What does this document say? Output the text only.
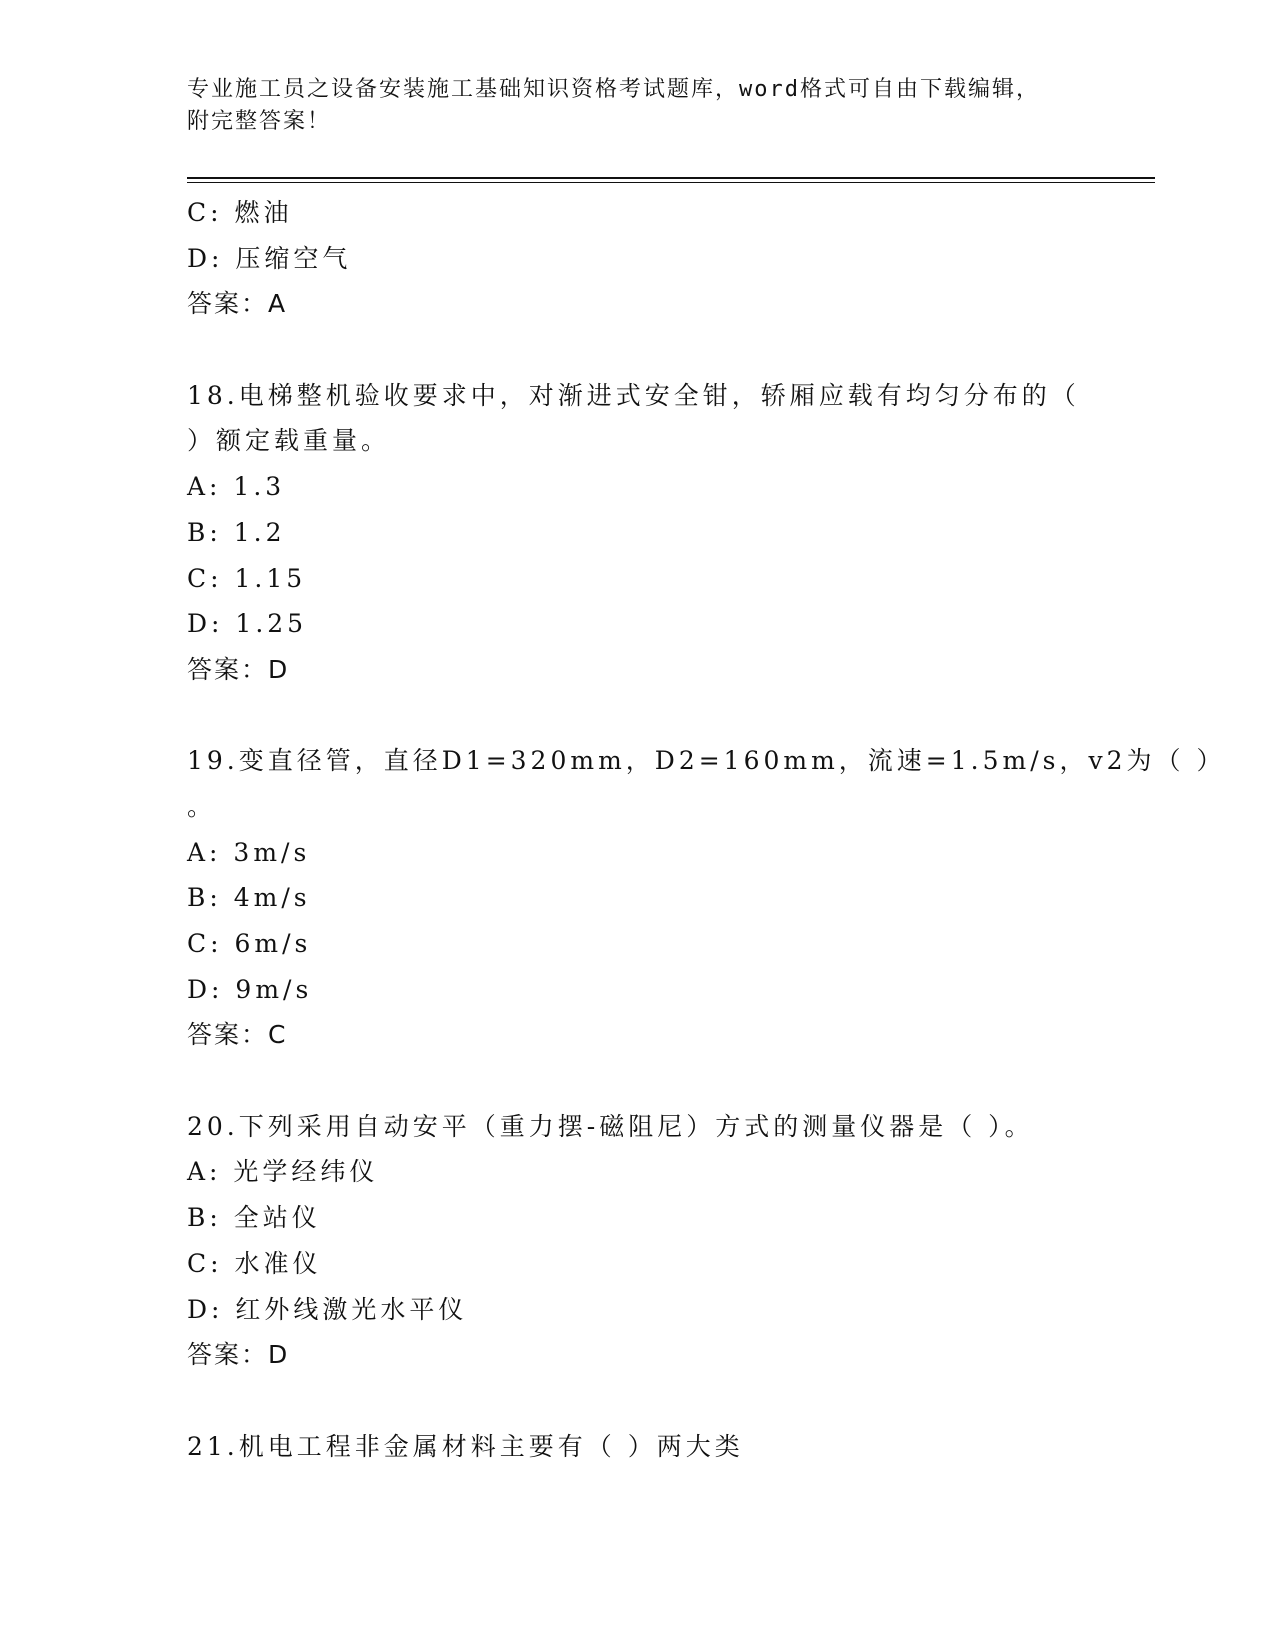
专业施工员之设备安装施工基础知识资格考试题库，word格式可自由下载编辑，
附完整答案！
C: 燃油
D: 压缩空气
答案：A
18.电梯整机验收要求中，对渐进式安全钳，轿厢应载有均匀分布的（
）额定载重量。
A: 1.3
B: 1.2
C: 1.15
D: 1.25
答案：D
19.变直径管，直径D1=320mm，D2=160mm，流速=1.5m/s，v2为（ ）
。
A: 3m/s
B: 4m/s
C: 6m/s
D: 9m/s
答案：C
20.下列采用自动安平（重力摆-磁阻尼）方式的测量仪器是（ ）。
A: 光学经纬仪
B: 全站仪
C: 水准仪
D: 红外线激光水平仪
答案：D
21.机电工程非金属材料主要有（ ）两大类
